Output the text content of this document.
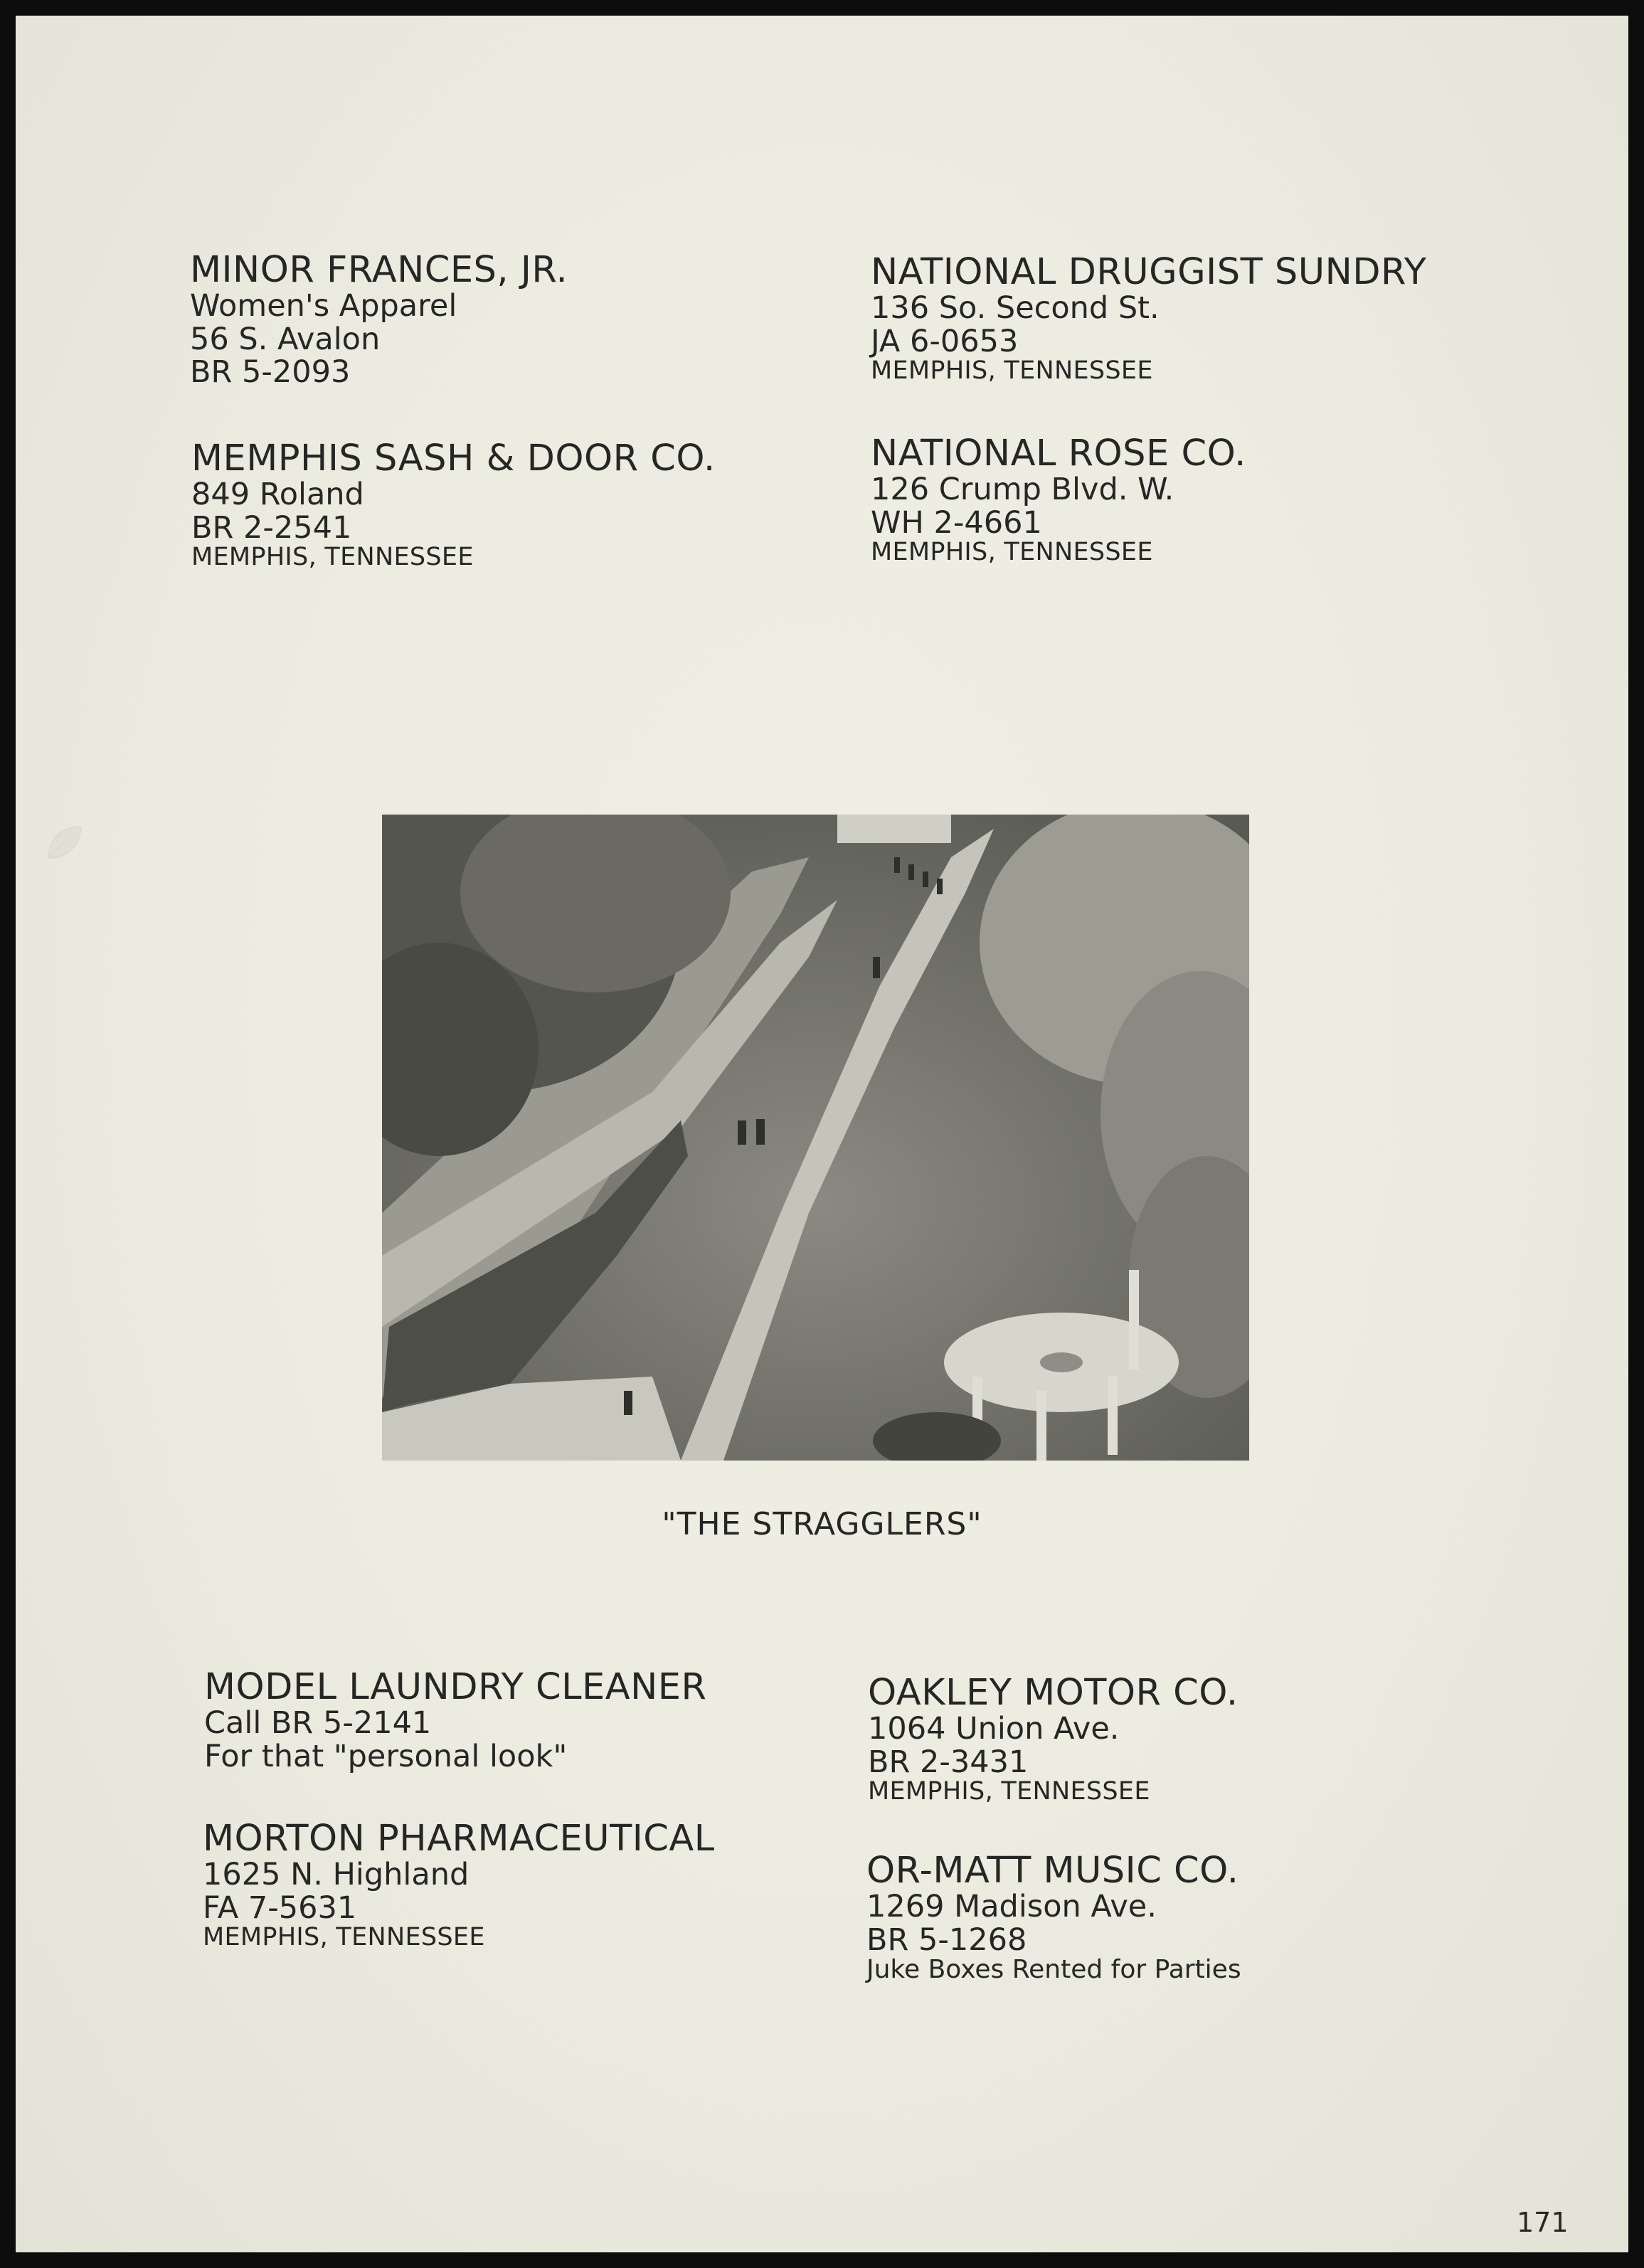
MINOR FRANCES, JR.
Women's Apparel
56 S. Avalon
BR 5-2093
MEMPHIS SASH & DOOR CO.
849 Roland
BR 2-2541
MEMPHIS, TENNESSEE
NATIONAL DRUGGIST SUNDRY
136 So. Second St.
JA 6-0653
MEMPHIS, TENNESSEE
NATIONAL ROSE CO.
126 Crump Blvd. W.
WH 2-4661
MEMPHIS, TENNESSEE
"THE STRAGGLERS"
MODEL LAUNDRY CLEANER
Call BR 5-2141
For that "personal look"
MORTON PHARMACEUTICAL
1625 N. Highland
FA 7-5631
MEMPHIS, TENNESSEE
OAKLEY MOTOR CO.
1064 Union Ave.
BR 2-3431
MEMPHIS, TENNESSEE
OR-MATT MUSIC CO.
1269 Madison Ave.
BR 5-1268
Juke Boxes Rented for Parties
171
